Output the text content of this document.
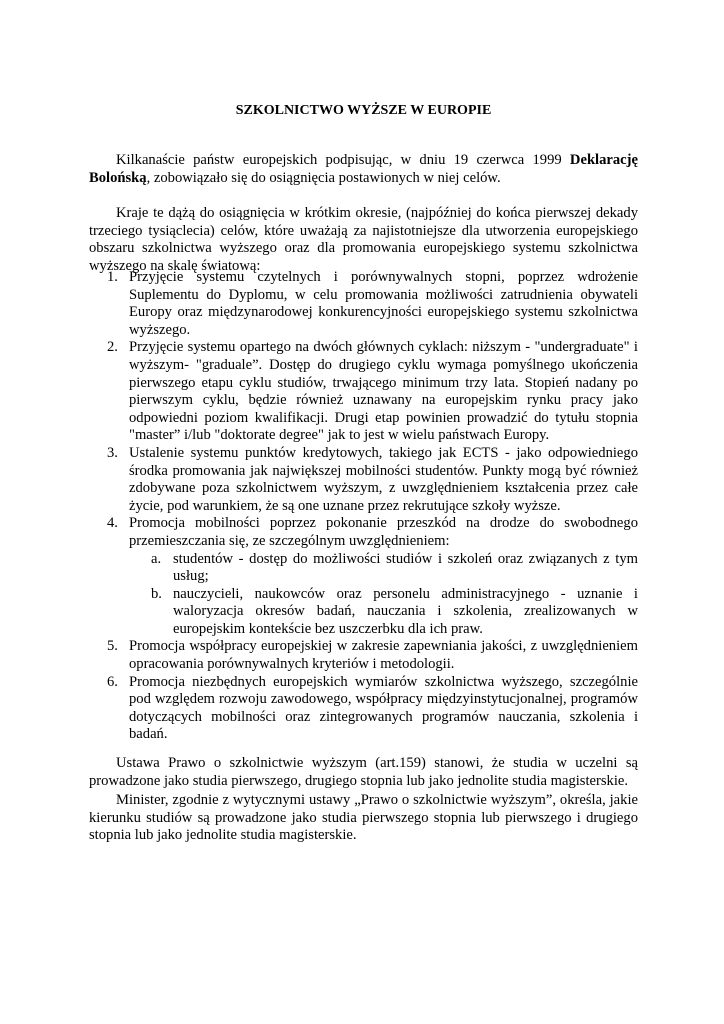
SZKOLNICTWO WYŻSZE W EUROPIE

Kilkanaście państw europejskich podpisując, w dniu 19 czerwca 1999 Deklarację Bolońską, zobowiązało się do osiągnięcia postawionych w niej celów.

Kraje te dążą do osiągnięcia w krótkim okresie, (najpóźniej do końca pierwszej dekady trzeciego tysiąclecia) celów, które uważają za najistotniejsze dla utworzenia europejskiego obszaru szkolnictwa wyższego oraz dla promowania europejskiego systemu szkolnictwa wyższego na skalę światową:

1. Przyjęcie systemu czytelnych i porównywalnych stopni, poprzez wdrożenie Suplementu do Dyplomu, w celu promowania możliwości zatrudnienia obywateli Europy oraz międzynarodowej konkurencyjności europejskiego systemu szkolnictwa wyższego.
2. Przyjęcie systemu opartego na dwóch głównych cyklach: niższym - "undergraduate" i wyższym- "graduale”. Dostęp do drugiego cyklu wymaga pomyślnego ukończenia pierwszego etapu cyklu studiów, trwającego minimum trzy lata. Stopień nadany po pierwszym cyklu, będzie również uznawany na europejskim rynku pracy jako odpowiedni poziom kwalifikacji. Drugi etap powinien prowadzić do tytułu stopnia "master” i/lub "doktorate degree" jak to jest w wielu państwach Europy.
3. Ustalenie systemu punktów kredytowych, takiego jak ECTS - jako odpowiedniego środka promowania jak największej mobilności studentów. Punkty mogą być również zdobywane poza szkolnictwem wyższym, z uwzględnieniem kształcenia przez całe życie, pod warunkiem, że są one uznane przez rekrutujące szkoły wyższe.
4. Promocja mobilności poprzez pokonanie przeszkód na drodze do swobodnego przemieszczania się, ze szczególnym uwzględnieniem:
a. studentów - dostęp do możliwości studiów i szkoleń oraz związanych z tym usług;
b. nauczycieli, naukowców oraz personelu administracyjnego - uznanie i waloryzacja okresów badań, nauczania i szkolenia, zrealizowanych w europejskim kontekście bez uszczerbku dla ich praw.
5. Promocja współpracy europejskiej w zakresie zapewniania jakości, z uwzględnieniem opracowania porównywalnych kryteriów i metodologii.
6. Promocja niezbędnych europejskich wymiarów szkolnictwa wyższego, szczególnie pod względem rozwoju zawodowego, współpracy międzyinstytucjonalnej, programów dotyczących mobilności oraz zintegrowanych programów nauczania, szkolenia i badań.

Ustawa Prawo o szkolnictwie wyższym (art.159) stanowi, że studia w uczelni są prowadzone jako studia pierwszego, drugiego stopnia lub jako jednolite studia magisterskie.

Minister, zgodnie z wytycznymi ustawy „Prawo o szkolnictwie wyższym”, określa, jakie kierunku studiów są prowadzone jako studia pierwszego stopnia lub pierwszego i drugiego stopnia lub jako jednolite studia magisterskie.
